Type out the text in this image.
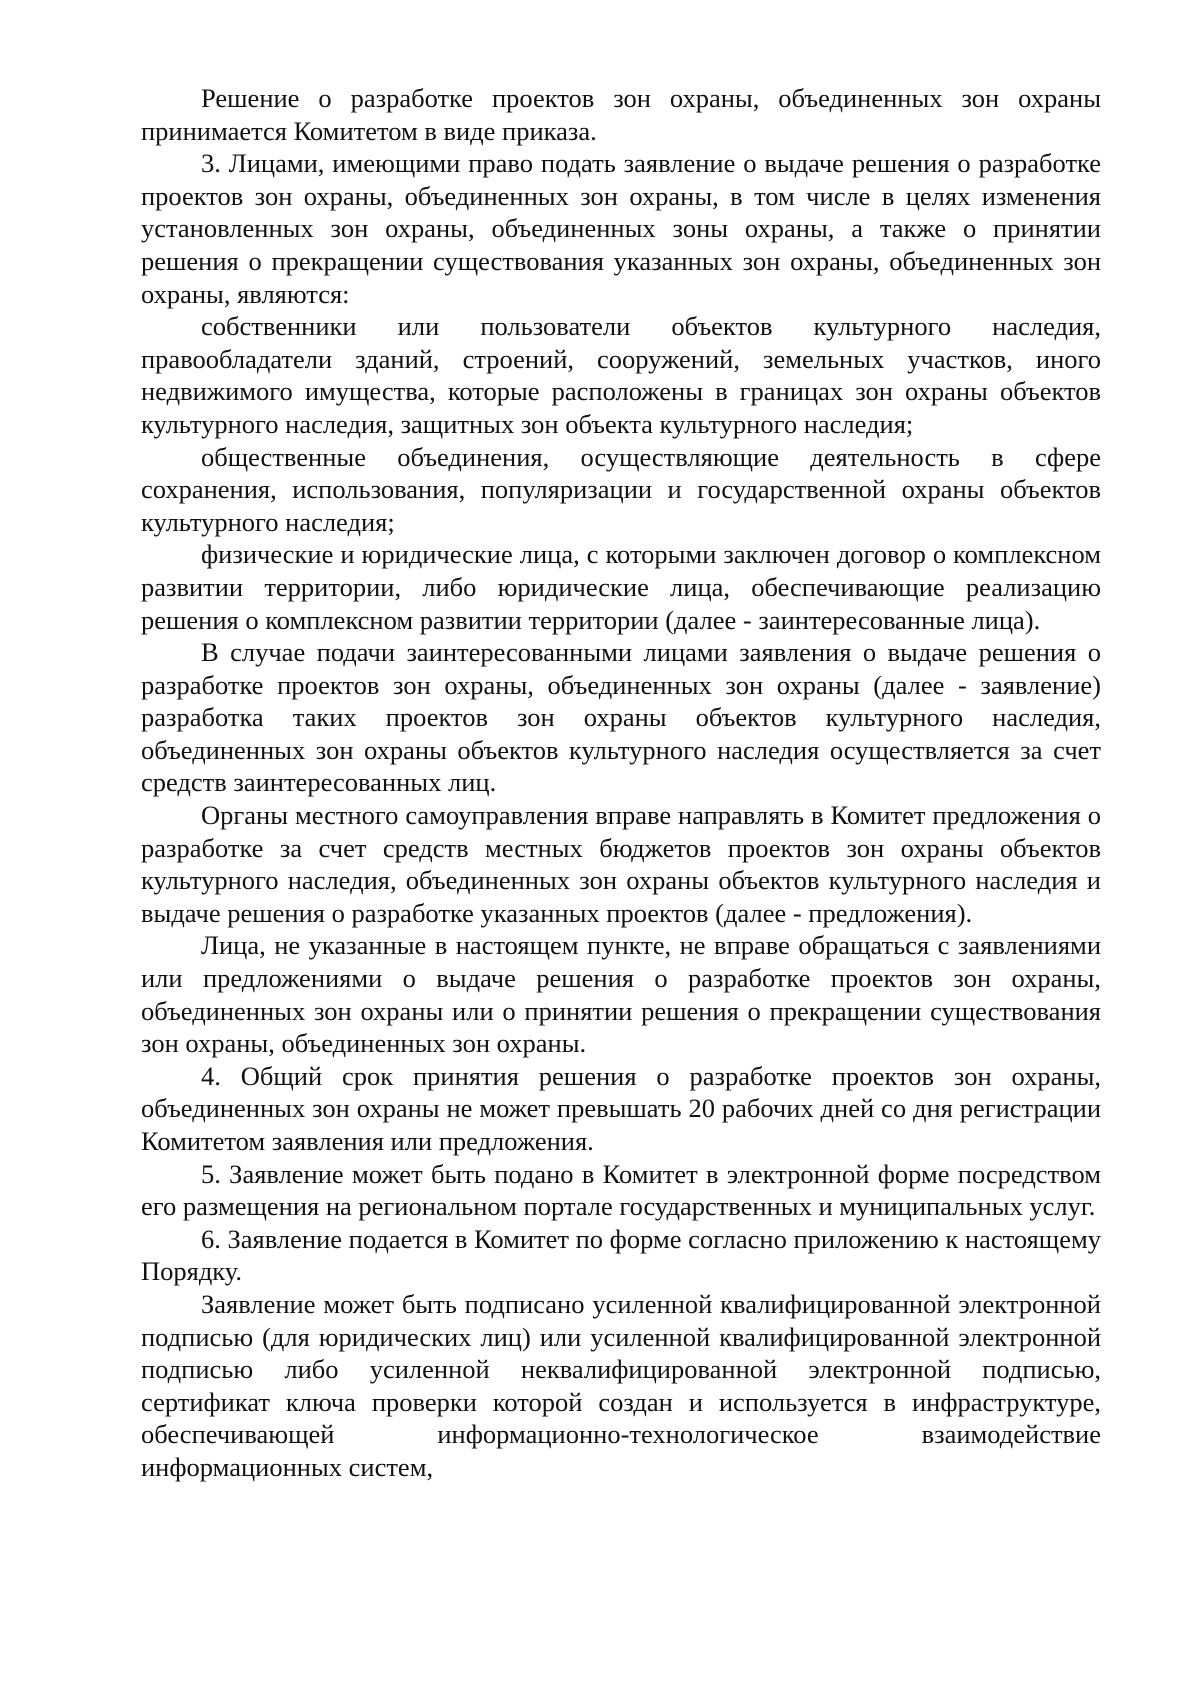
Решение о разработке проектов зон охраны, объединенных зон охраны принимается Комитетом в виде приказа.

3. Лицами, имеющими право подать заявление о выдаче решения о разработке проектов зон охраны, объединенных зон охраны, в том числе в целях изменения установленных зон охраны, объединенных зоны охраны, а также о принятии решения о прекращении существования указанных зон охраны, объединенных зон охраны, являются:

собственники или пользователи объектов культурного наследия, правообладатели зданий, строений, сооружений, земельных участков, иного недвижимого имущества, которые расположены в границах зон охраны объектов культурного наследия, защитных зон объекта культурного наследия;

общественные объединения, осуществляющие деятельность в сфере сохранения, использования, популяризации и государственной охраны объектов культурного наследия;

физические и юридические лица, с которыми заключен договор о комплексном развитии территории, либо юридические лица, обеспечивающие реализацию решения о комплексном развитии территории (далее - заинтересованные лица).

В случае подачи заинтересованными лицами заявления о выдаче решения о разработке проектов зон охраны, объединенных зон охраны (далее - заявление) разработка таких проектов зон охраны объектов культурного наследия, объединенных зон охраны объектов культурного наследия осуществляется за счет средств заинтересованных лиц.

Органы местного самоуправления вправе направлять в Комитет предложения о разработке за счет средств местных бюджетов проектов зон охраны объектов культурного наследия, объединенных зон охраны объектов культурного наследия и выдаче решения о разработке указанных проектов (далее - предложения).

Лица, не указанные в настоящем пункте, не вправе обращаться с заявлениями или предложениями о выдаче решения о разработке проектов зон охраны, объединенных зон охраны или о принятии решения о прекращении существования зон охраны, объединенных зон охраны.

4. Общий срок принятия решения о разработке проектов зон охраны, объединенных зон охраны не может превышать 20 рабочих дней со дня регистрации Комитетом заявления или предложения.

5. Заявление может быть подано в Комитет в электронной форме посредством его размещения на региональном портале государственных и муниципальных услуг.

6. Заявление подается в Комитет по форме согласно приложению к настоящему Порядку.

Заявление может быть подписано усиленной квалифицированной электронной подписью (для юридических лиц) или усиленной квалифицированной электронной подписью либо усиленной неквалифицированной электронной подписью, сертификат ключа проверки которой создан и используется в инфраструктуре, обеспечивающей информационно-технологическое взаимодействие информационных систем,
